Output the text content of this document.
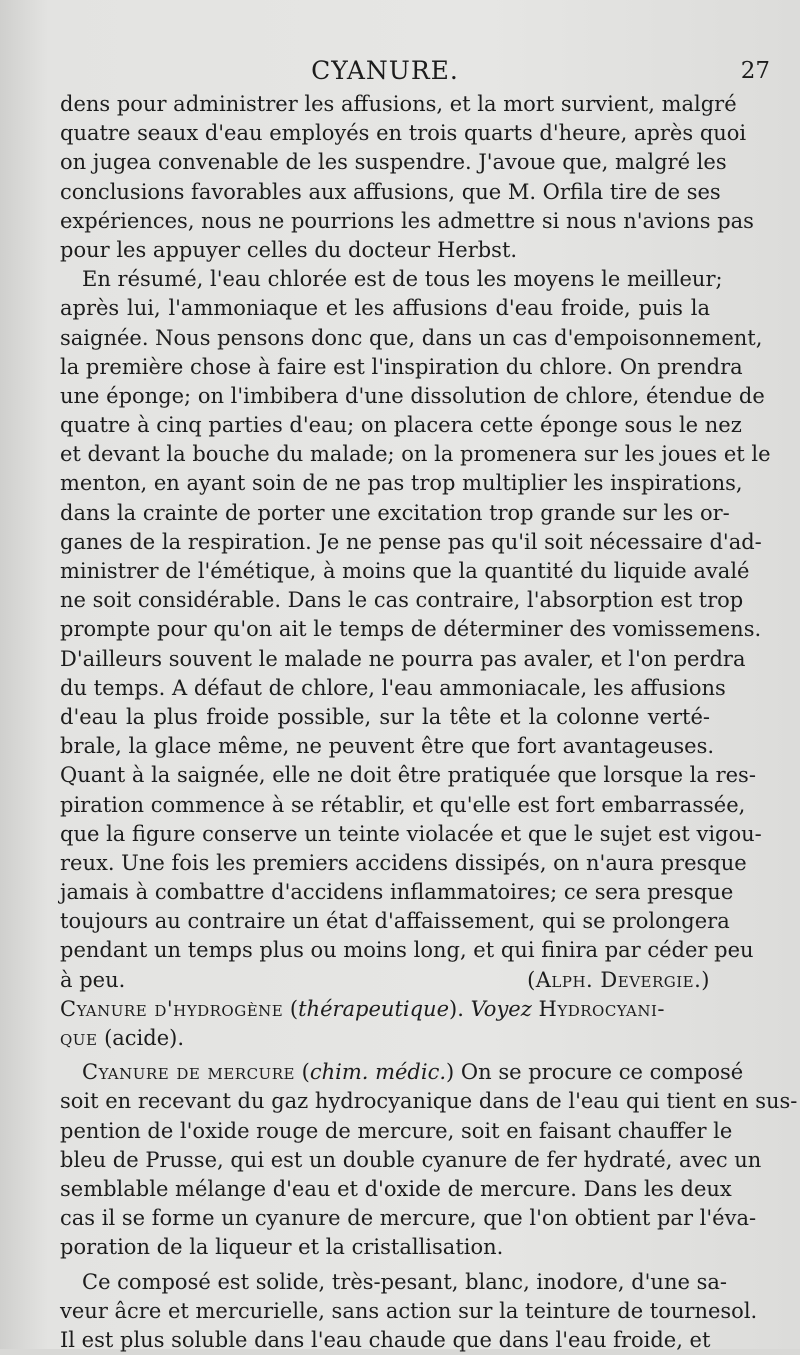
CYANURE.	27
dens pour administrer les affusions, et la mort survient, malgré
quatre seaux d'eau employés en trois quarts d'heure, après quoi
on jugea convenable de les suspendre. J'avoue que, malgré les
conclusions favorables aux affusions, que M. Orfila tire de ses
expériences, nous ne pourrions les admettre si nous n'avions pas
pour les appuyer celles du docteur Herbst.
En résumé, l'eau chlorée est de tous les moyens le meilleur;
après lui, l'ammoniaque et les affusions d'eau froide, puis la
saignée. Nous pensons donc que, dans un cas d'empoisonnement,
la première chose à faire est l'inspiration du chlore. On prendra
une éponge; on l'imbibera d'une dissolution de chlore, étendue de
quatre à cinq parties d'eau; on placera cette éponge sous le nez
et devant la bouche du malade; on la promenera sur les joues et le
menton, en ayant soin de ne pas trop multiplier les inspirations,
dans la crainte de porter une excitation trop grande sur les or-
ganes de la respiration. Je ne pense pas qu'il soit nécessaire d'ad-
ministrer de l'émétique, à moins que la quantité du liquide avalé
ne soit considérable. Dans le cas contraire, l'absorption est trop
prompte pour qu'on ait le temps de déterminer des vomissemens.
D'ailleurs souvent le malade ne pourra pas avaler, et l'on perdra
du temps. A défaut de chlore, l'eau ammoniacale, les affusions
d'eau la plus froide possible, sur la tête et la colonne verté-
brale, la glace même, ne peuvent être que fort avantageuses.
Quant à la saignée, elle ne doit être pratiquée que lorsque la res-
piration commence à se rétablir, et qu'elle est fort embarrassée,
que la figure conserve un teinte violacée et que le sujet est vigou-
reux. Une fois les premiers accidens dissipés, on n'aura presque
jamais à combattre d'accidens inflammatoires; ce sera presque
toujours au contraire un état d'affaissement, qui se prolongera
pendant un temps plus ou moins long, et qui finira par céder peu
à peu.	(Alph. Devergie.)
Cyanure d'hydrogène (thérapeutique). Voyez Hydrocyani-
que (acide).
Cyanure de mercure (chim. médic.) On se procure ce composé
soit en recevant du gaz hydrocyanique dans de l'eau qui tient en sus-
pention de l'oxide rouge de mercure, soit en faisant chauffer le
bleu de Prusse, qui est un double cyanure de fer hydraté, avec un
semblable mélange d'eau et d'oxide de mercure. Dans les deux
cas il se forme un cyanure de mercure, que l'on obtient par l'éva-
poration de la liqueur et la cristallisation.
Ce composé est solide, très-pesant, blanc, inodore, d'une sa-
veur âcre et mercurielle, sans action sur la teinture de tournesol.
Il est plus soluble dans l'eau chaude que dans l'eau froide, et
